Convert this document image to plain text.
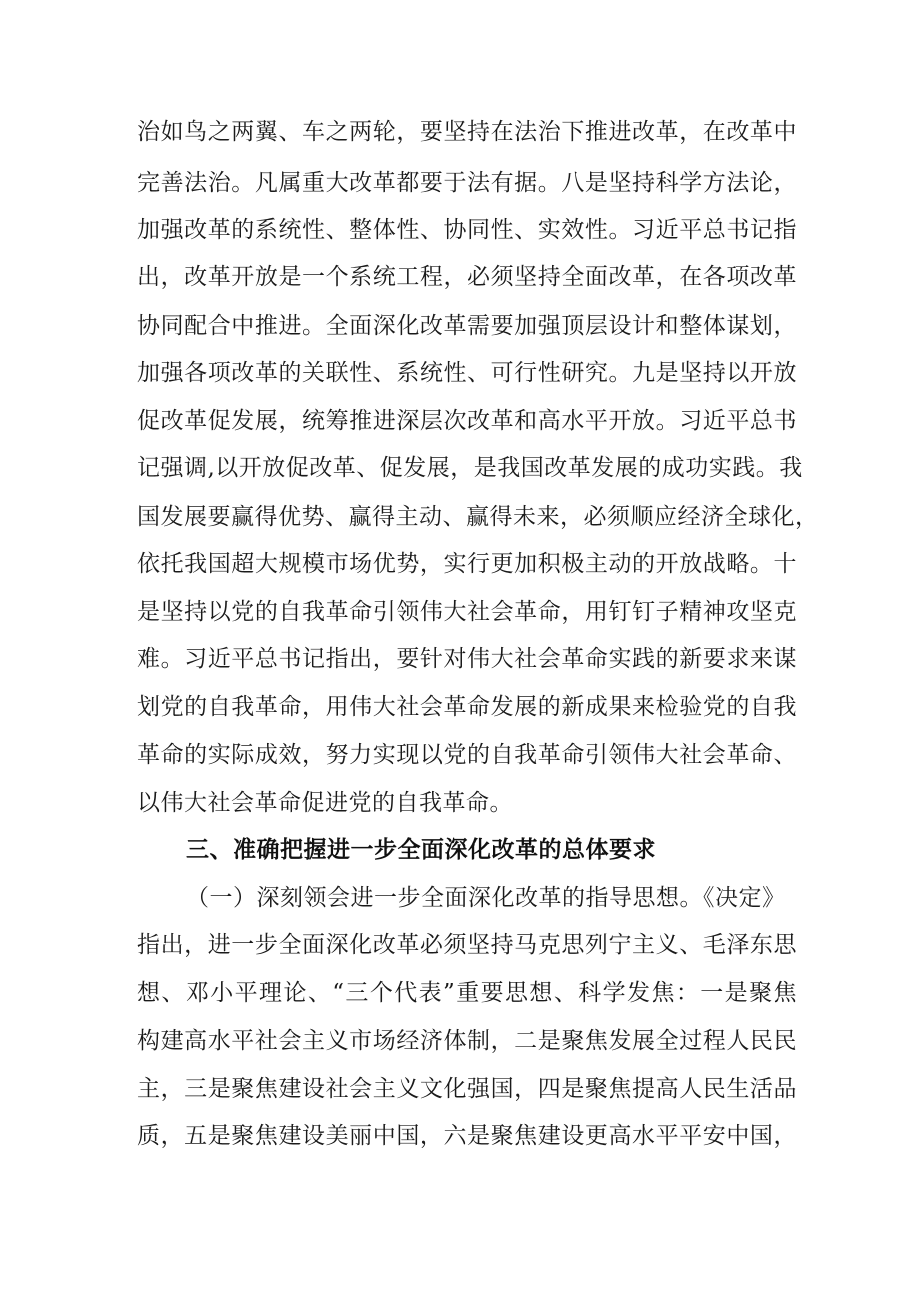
治如鸟之两翼、车之两轮，要坚持在法治下推进改革，在改革中
完善法治。凡属重大改革都要于法有据。八是坚持科学方法论，
加强改革的系统性、整体性、协同性、实效性。习近平总书记指
出，改革开放是一个系统工程，必须坚持全面改革，在各项改革
协同配合中推进。全面深化改革需要加强顶层设计和整体谋划，
加强各项改革的关联性、系统性、可行性研究。九是坚持以开放
促改革促发展，统筹推进深层次改革和高水平开放。习近平总书
记强调,以开放促改革、促发展，是我国改革发展的成功实践。我
国发展要赢得优势、赢得主动、赢得未来，必须顺应经济全球化，
依托我国超大规模市场优势，实行更加积极主动的开放战略。十
是坚持以党的自我革命引领伟大社会革命，用钉钉子精神攻坚克
难。习近平总书记指出，要针对伟大社会革命实践的新要求来谋
划党的自我革命，用伟大社会革命发展的新成果来检验党的自我
革命的实际成效，努力实现以党的自我革命引领伟大社会革命、
以伟大社会革命促进党的自我革命。
三、准确把握进一步全面深化改革的总体要求
（一）深刻领会进一步全面深化改革的指导思想。《决定》
指出，进一步全面深化改革必须坚持马克思列宁主义、毛泽东思
想、邓小平理论、“三个代表”重要思想、科学发焦：一是聚焦
构建高水平社会主义市场经济体制，二是聚焦发展全过程人民民
主，三是聚焦建设社会主义文化强国，四是聚焦提高人民生活品
质，五是聚焦建设美丽中国，六是聚焦建设更高水平平安中国，
